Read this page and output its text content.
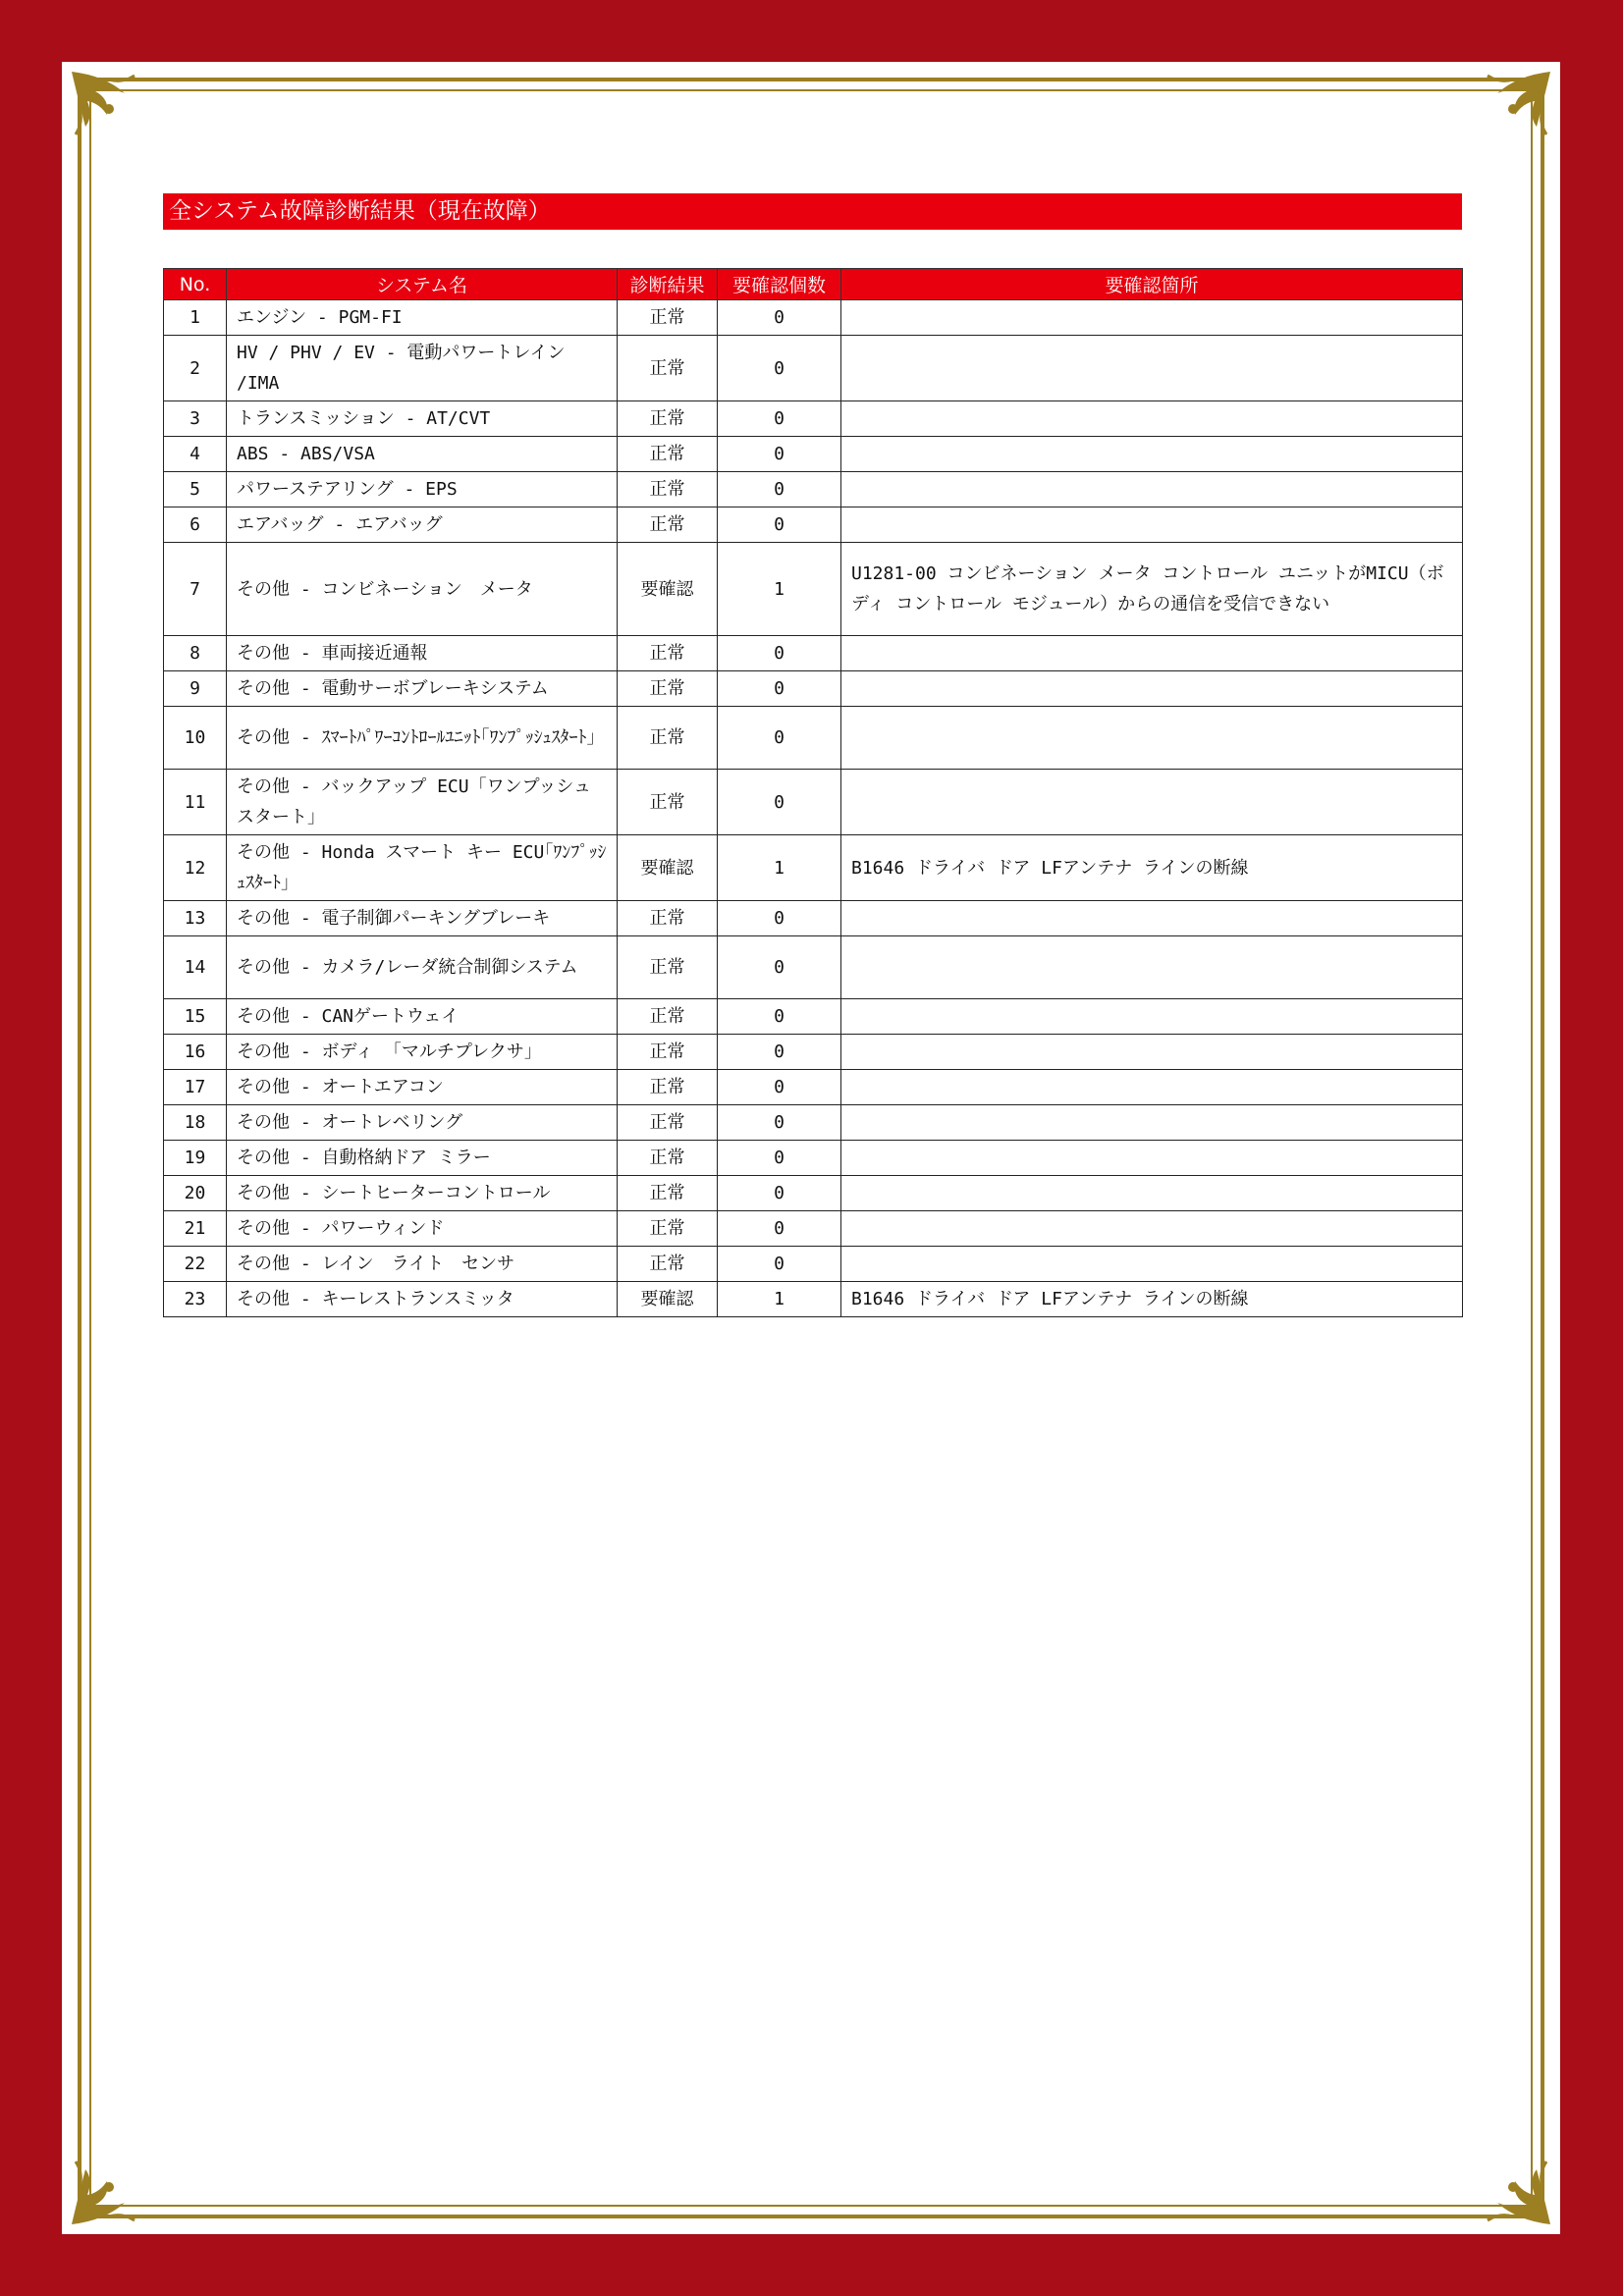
全システム故障診断結果（現在故障）
No.	システム名	診断結果	要確認個数	要確認箇所
1	エンジン - PGM-FI	正常	0	
2	HV / PHV / EV - 電動パワートレイン /IMA	正常	0	
3	トランスミッション - AT/CVT	正常	0	
4	ABS - ABS/VSA	正常	0	
5	パワーステアリング - EPS	正常	0	
6	エアバッグ - エアバッグ	正常	0	
7	その他 - コンビネーション　メータ	要確認	1	U1281-00 コンビネーション メータ コントロール ユニットがMICU（ボディ コントロール モジュール）からの通信を受信できない
8	その他 - 車両接近通報	正常	0	
9	その他 - 電動サーボブレーキシステム	正常	0	
10	その他 - ｽﾏｰﾄﾊﾟﾜｰｺﾝﾄﾛｰﾙﾕﾆｯﾄ｢ﾜﾝﾌﾟｯｼｭｽﾀｰﾄ｣	正常	0	
11	その他 - バックアップ ECU「ワンプッシュスタート」	正常	0	
12	その他 - Honda スマート キー ECU｢ﾜﾝﾌﾟｯｼｭｽﾀｰﾄ｣	要確認	1	B1646 ドライバ ドア LFアンテナ ラインの断線
13	その他 - 電子制御パーキングブレーキ	正常	0	
14	その他 - カメラ/レーダ統合制御システム	正常	0	
15	その他 - CANゲートウェイ	正常	0	
16	その他 - ボディ 「マルチプレクサ」	正常	0	
17	その他 - オートエアコン	正常	0	
18	その他 - オートレベリング	正常	0	
19	その他 - 自動格納ドア ミラー	正常	0	
20	その他 - シートヒーターコントロール	正常	0	
21	その他 - パワーウィンド	正常	0	
22	その他 - レイン　ライト　センサ	正常	0	
23	その他 - キーレストランスミッタ	要確認	1	B1646 ドライバ ドア LFアンテナ ラインの断線
